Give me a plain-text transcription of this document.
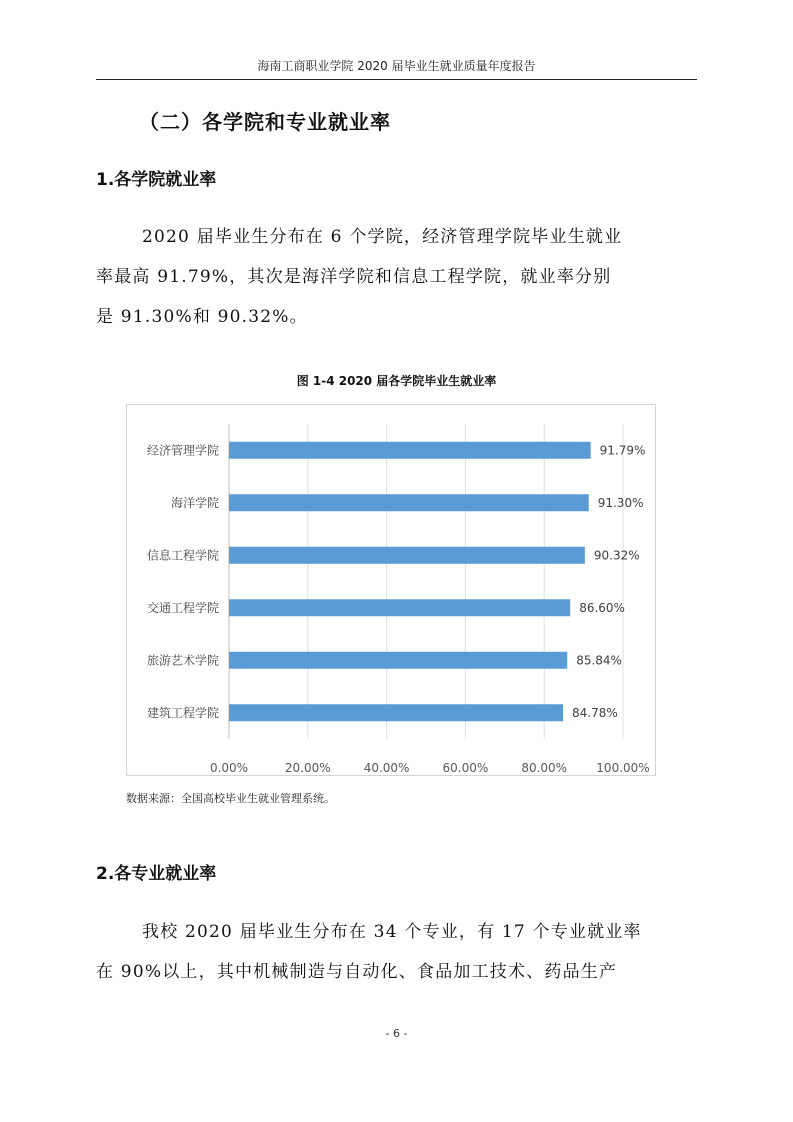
海南工商职业学院 2020 届毕业生就业质量年度报告
（二）各学院和专业就业率
1.各学院就业率
2020 届毕业生分布在 6 个学院，经济管理学院毕业生就业
率最高 91.79%，其次是海洋学院和信息工程学院，就业率分别
是 91.30%和 90.32%。
图 1-4 2020 届各学院毕业生就业率
0.00%	20.00%	40.00%	60.00%	80.00% 100.00%
经济管理学院	91.79%
海洋学院	91.30%
信息工程学院	90.32%
交通工程学院	86.60%
旅游艺术学院	85.84%
建筑工程学院	84.78%
数据来源：全国高校毕业生就业管理系统。
2.各专业就业率
我校 2020 届毕业生分布在 34 个专业，有 17 个专业就业率
在 90%以上，其中机械制造与自动化、食品加工技术、药品生产
- 6 -
